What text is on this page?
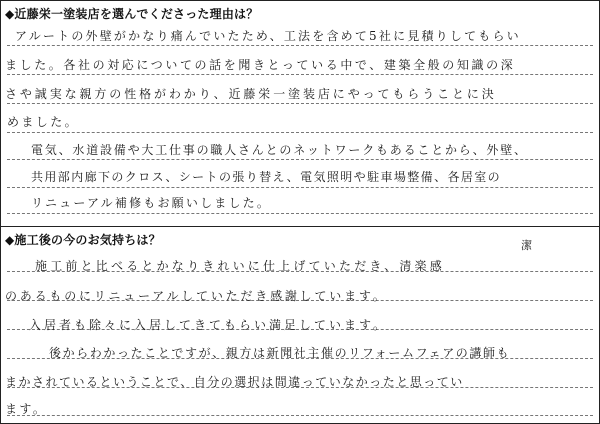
◆近藤栄一塗装店を選んでくださった理由は？
アルートの外壁がかなり痛んでいたため、工法を含めて5社に見積りしてもらい
ました。各社の対応についての話を聞きとっている中で、建築全般の知識の深
さや誠実な親方の性格がわかり、近藤栄一塗装店にやってもらうことに決
めました。
電気、水道設備や大工仕事の職人さんとのネットワークもあることから、外壁、
共用部内廊下のクロス、シートの張り替え、電気照明や駐車場整備、各居室の
リニューアル補修もお願いしました。
◆施工後の今のお気持ちは？	潔
施工前と比べるとかなりきれいに仕上げていただき、清楽感
のあるものにリニューアルしていただき感謝しています。
入居者も除々に入居してきてもらい満足しています。
後からわかったことですが、親方は新聞社主催のリフォームフェアの講師も
まかされているということで、自分の選択は間違っていなかったと思ってい
ます。
